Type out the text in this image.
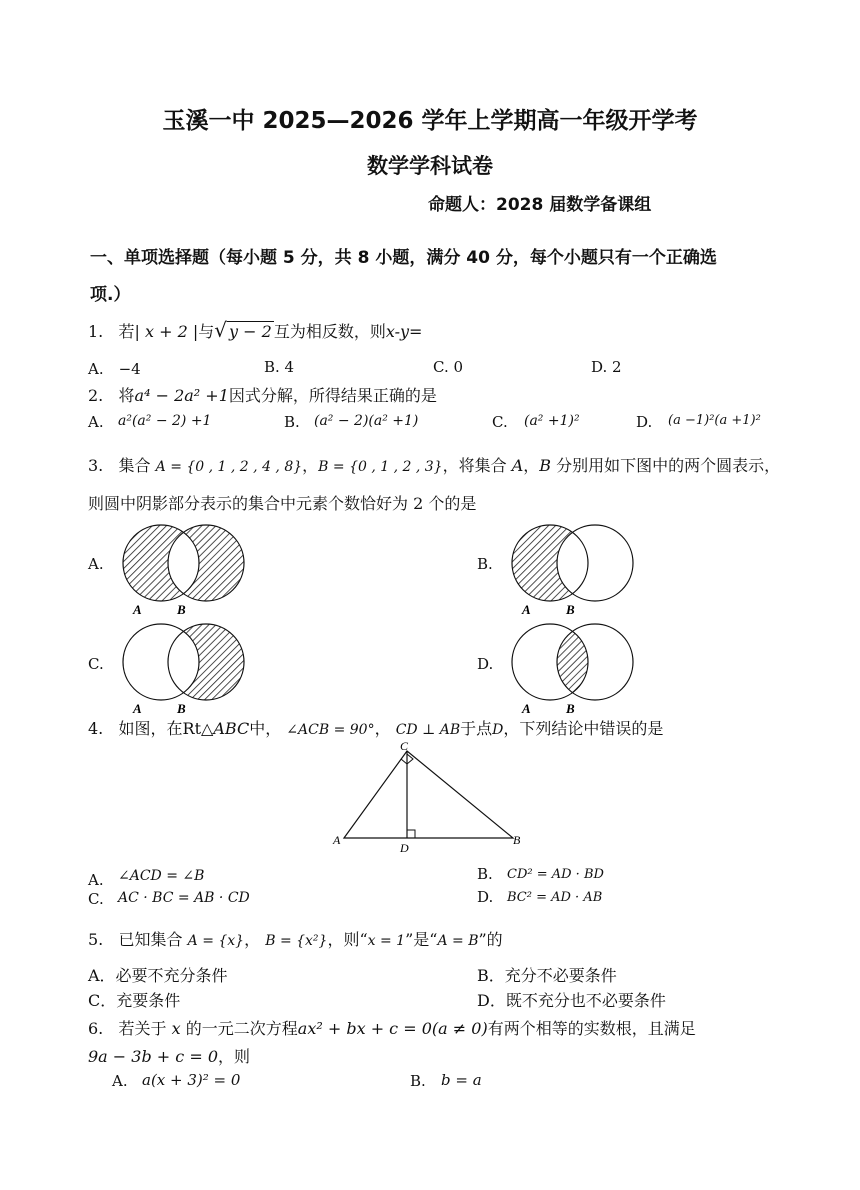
玉溪一中 2025—2026 学年上学期高一年级开学考
数学学科试卷
命题人：2028 届数学备课组
一、单项选择题（每小题 5 分，共 8 小题，满分 40 分，每个小题只有一个正确选
项.）
1. 若| x + 2 |与√ y − 2 互为相反数，则x-y=
A.　−4	B. 4	C. 0	D. 2
2. 将a⁴ − 2a² +1因式分解，所得结果正确的是
A. a²(a² − 2) +1	B. (a² − 2)(a² +1)	C. (a² +1)²	D. (a −1)²(a +1)²
3. 集合 A = {0 , 1 , 2 , 4 , 8}，B = {0 , 1 , 2 , 3}，将集合 A，B 分别用如下图中的两个圆表示，
则圆中阴影部分表示的集合中元素个数恰好为 2 个的是
A.
A	B
B.
A	B
C.
A	B
D.
A	B
4. 如图，在Rt△ABC中， ∠ACB = 90°， CD ⊥ AB于点D，下列结论中错误的是
C
A	B
D
A. ∠ACD = ∠B	B. CD² = AD · BD
C. AC · BC = AB · CD	D. BC² = AD · AB
5. 已知集合 A = {x}， B = {x²}，则“x = 1”是“A = B”的
A．必要不充分条件	B．充分不必要条件
C．充要条件	D．既不充分也不必要条件
6. 若关于 x 的一元二次方程ax² + bx + c = 0(a ≠ 0)有两个相等的实数根，且满足
9a − 3b + c = 0，则
A. a(x + 3)² = 0	B. b = a
